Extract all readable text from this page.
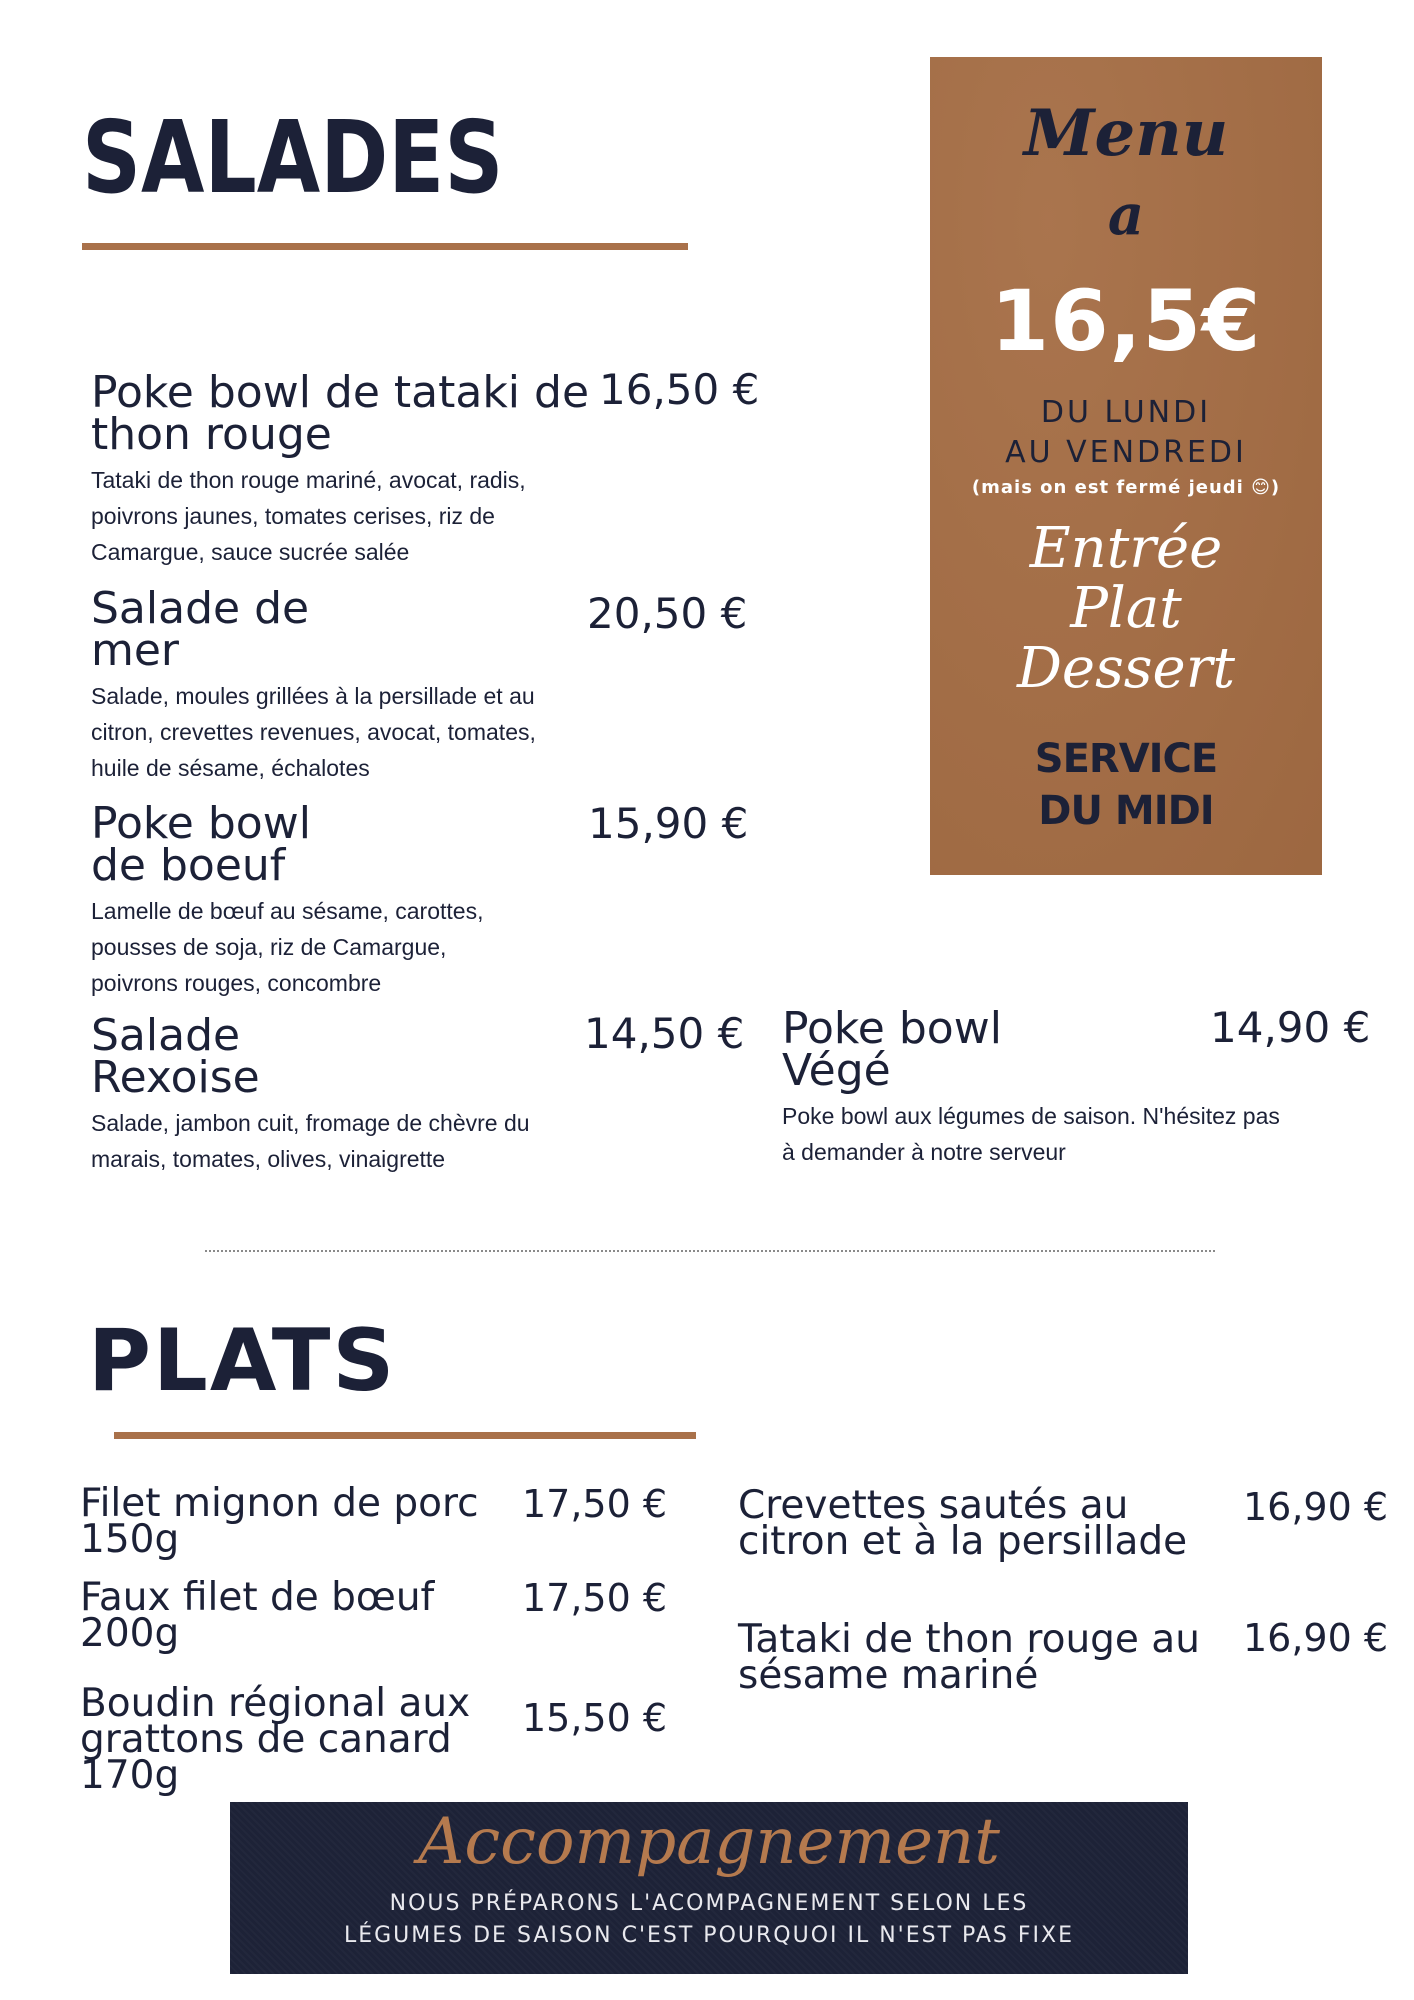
SALADES
Poke bowl de tataki de thon rouge
Tataki de thon rouge mariné, avocat, radis, poivrons jaunes, tomates cerises, riz de Camargue, sauce sucrée salée
16,50 €
Salade de mer
Salade, moules grillées à la persillade et au citron, crevettes revenues, avocat, tomates, huile de sésame, échalotes
20,50 €
Poke bowl de boeuf
Lamelle de bœuf au sésame, carottes, pousses de soja, riz de Camargue, poivrons rouges, concombre
15,90 €
Salade Rexoise
Salade, jambon cuit, fromage de chèvre du marais, tomates, olives, vinaigrette
14,50 € Poke bowl Végé
Poke bowl aux légumes de saison. N'hésitez pas à demander à notre serveur
14,90 €
Menu
a
16,5€
DU LUNDI
AU VENDREDI
(mais on est fermé jeudi 😊)
Entrée
Plat
Dessert
SERVICE
DU MIDI
PLATS
Filet mignon de porc 150g
17,50 €
Faux filet de bœuf 200g
17,50 €
Boudin régional aux grattons de canard 170g
15,50 €
Crevettes sautés au citron et à la persillade
16,90 €
Tataki de thon rouge au sésame mariné
16,90 €
Accompagnement
NOUS PRÉPARONS L'ACOMPAGNEMENT SELON LES
LÉGUMES DE SAISON C'EST POURQUOI IL N'EST PAS FIXE
